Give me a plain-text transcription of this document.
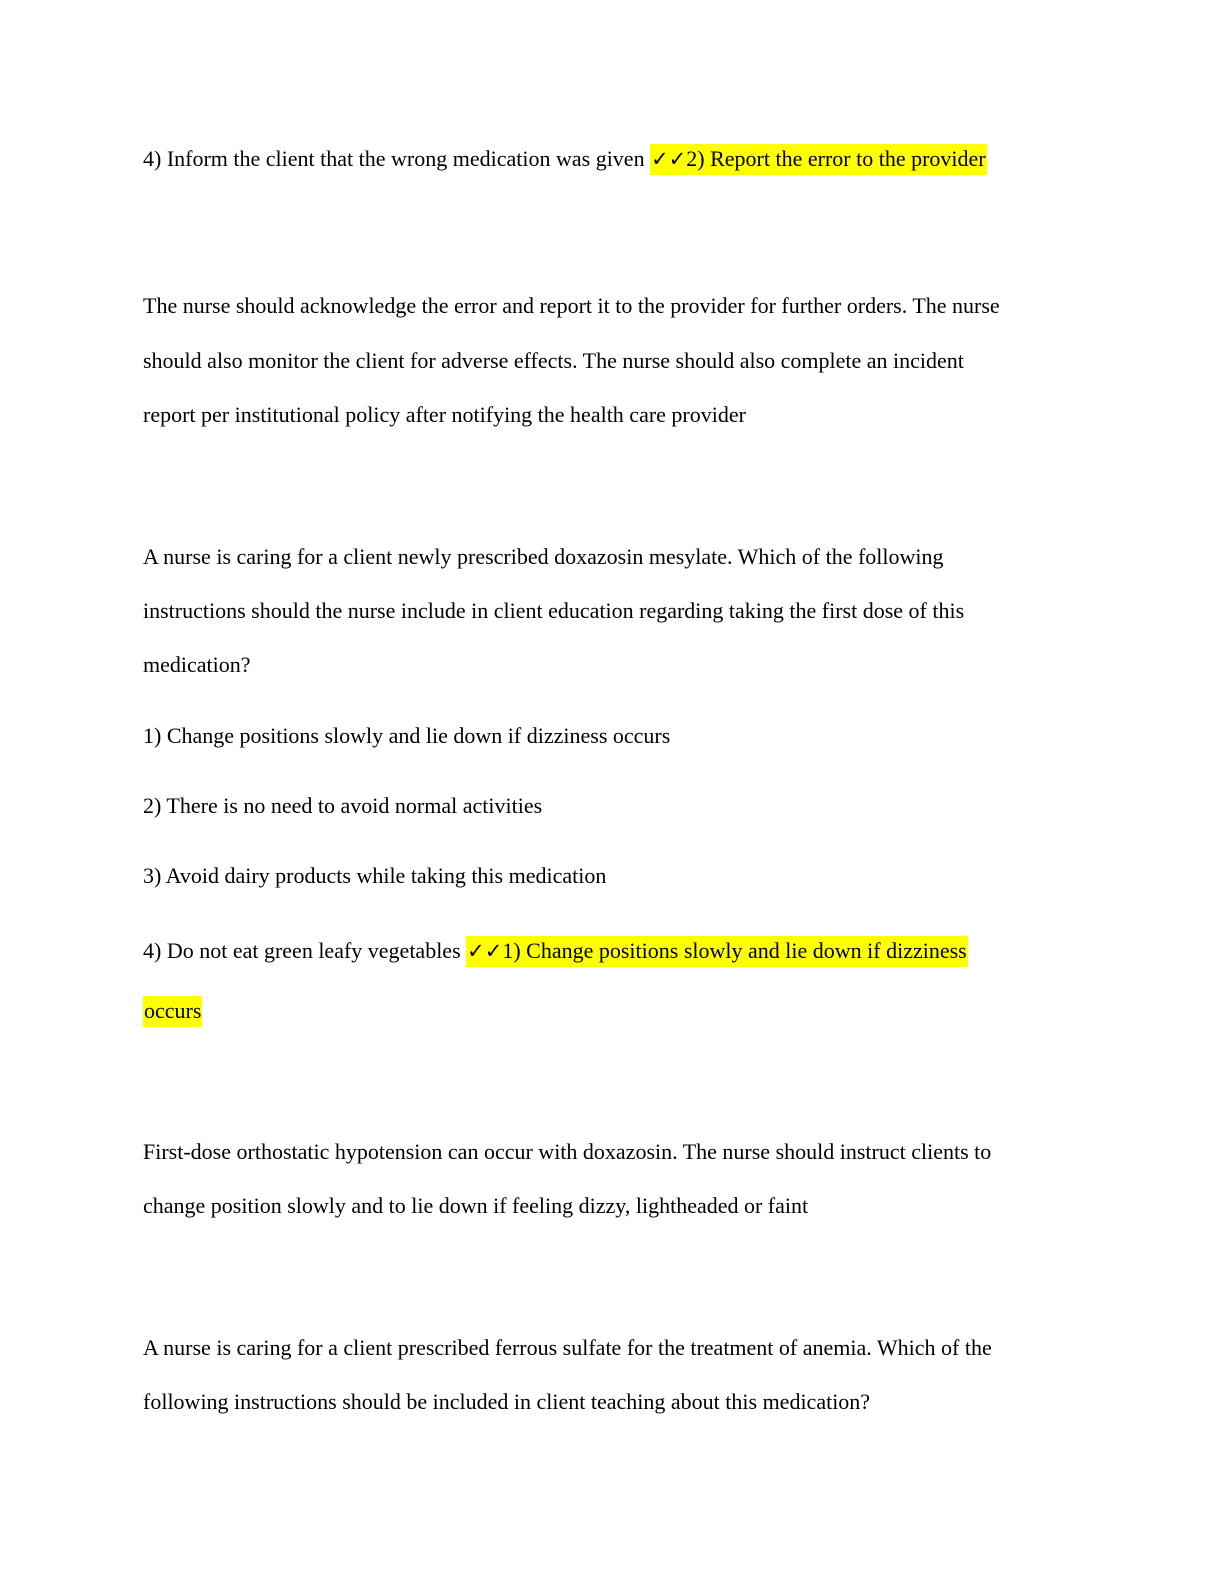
4) Inform the client that the wrong medication was given ✓✓2) Report the error to the provider
The nurse should acknowledge the error and report it to the provider for further orders. The nurse
should also monitor the client for adverse effects. The nurse should also complete an incident
report per institutional policy after notifying the health care provider
A nurse is caring for a client newly prescribed doxazosin mesylate. Which of the following
instructions should the nurse include in client education regarding taking the first dose of this
medication?
1) Change positions slowly and lie down if dizziness occurs
2) There is no need to avoid normal activities
3) Avoid dairy products while taking this medication
4) Do not eat green leafy vegetables ✓✓1) Change positions slowly and lie down if dizziness
occurs
First-dose orthostatic hypotension can occur with doxazosin. The nurse should instruct clients to
change position slowly and to lie down if feeling dizzy, lightheaded or faint
A nurse is caring for a client prescribed ferrous sulfate for the treatment of anemia. Which of the
following instructions should be included in client teaching about this medication?
